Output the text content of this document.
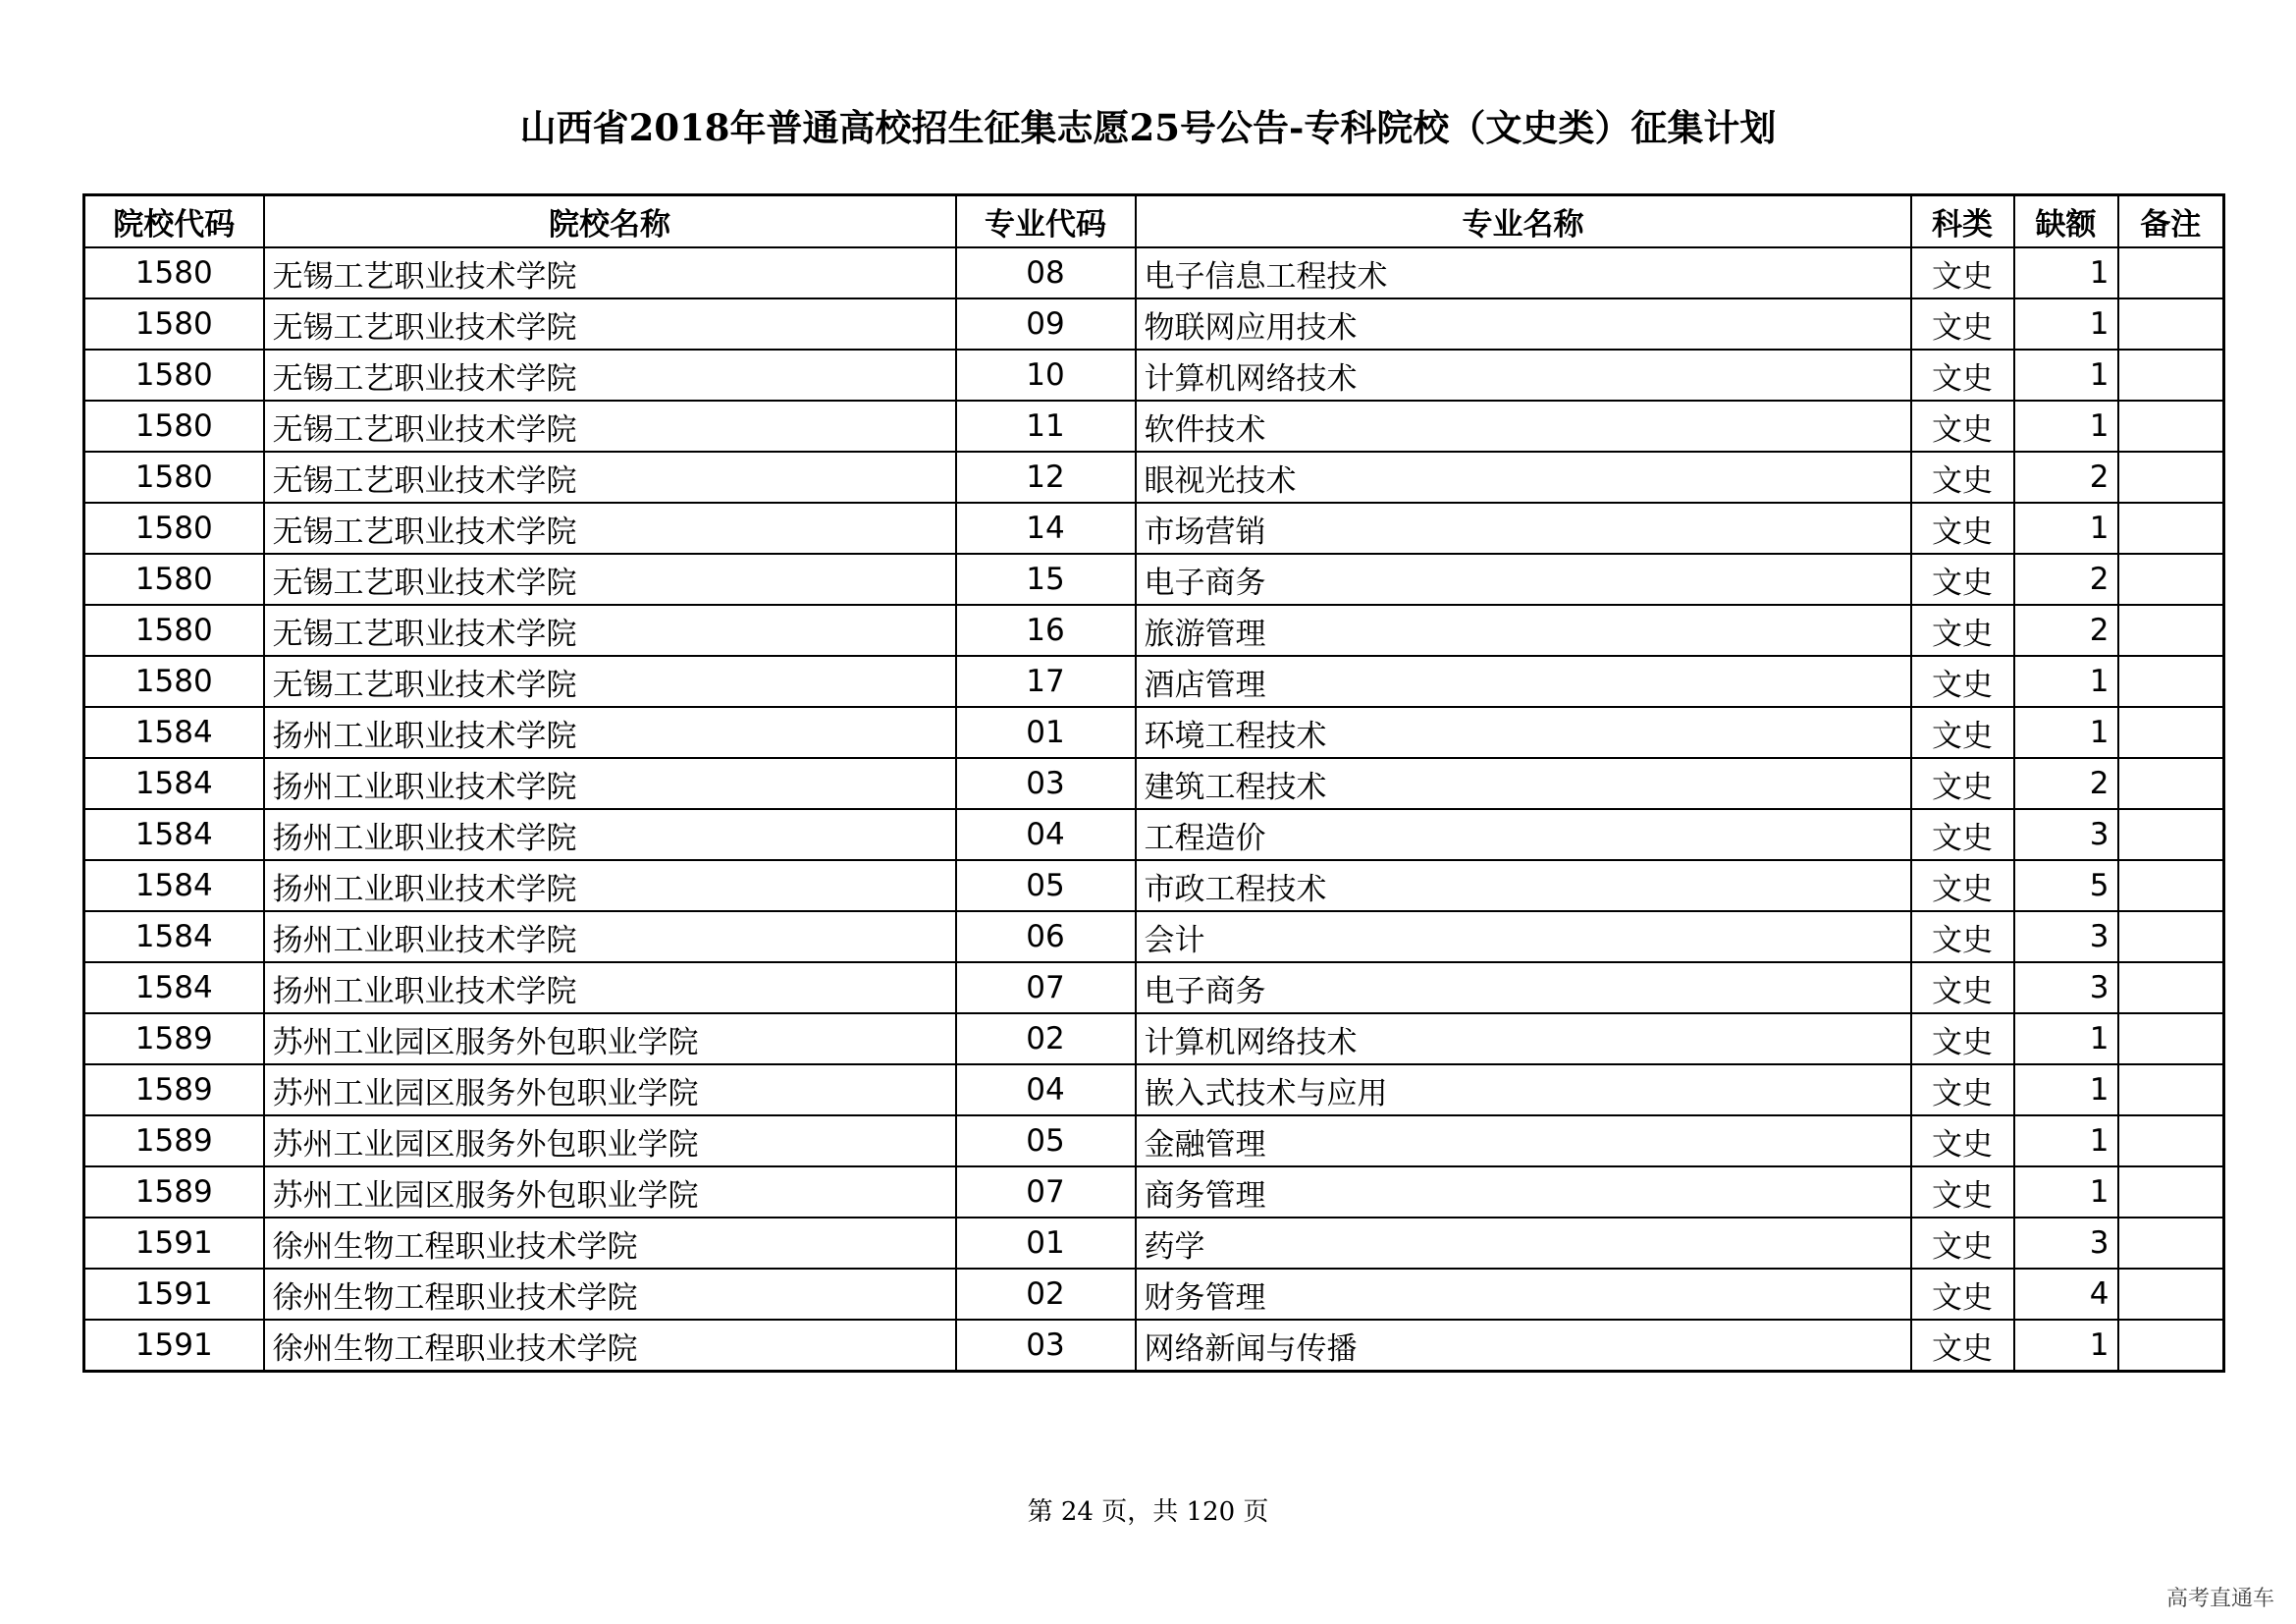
山西省2018年普通高校招生征集志愿25号公告-专科院校（文史类）征集计划
院校代码	院校名称	专业代码	专业名称	科类	缺额	备注
1580	无锡工艺职业技术学院	08	电子信息工程技术	文史	1	
1580	无锡工艺职业技术学院	09	物联网应用技术	文史	1	
1580	无锡工艺职业技术学院	10	计算机网络技术	文史	1	
1580	无锡工艺职业技术学院	11	软件技术	文史	1	
1580	无锡工艺职业技术学院	12	眼视光技术	文史	2	
1580	无锡工艺职业技术学院	14	市场营销	文史	1	
1580	无锡工艺职业技术学院	15	电子商务	文史	2	
1580	无锡工艺职业技术学院	16	旅游管理	文史	2	
1580	无锡工艺职业技术学院	17	酒店管理	文史	1	
1584	扬州工业职业技术学院	01	环境工程技术	文史	1	
1584	扬州工业职业技术学院	03	建筑工程技术	文史	2	
1584	扬州工业职业技术学院	04	工程造价	文史	3	
1584	扬州工业职业技术学院	05	市政工程技术	文史	5	
1584	扬州工业职业技术学院	06	会计	文史	3	
1584	扬州工业职业技术学院	07	电子商务	文史	3	
1589	苏州工业园区服务外包职业学院	02	计算机网络技术	文史	1	
1589	苏州工业园区服务外包职业学院	04	嵌入式技术与应用	文史	1	
1589	苏州工业园区服务外包职业学院	05	金融管理	文史	1	
1589	苏州工业园区服务外包职业学院	07	商务管理	文史	1	
1591	徐州生物工程职业技术学院	01	药学	文史	3	
1591	徐州生物工程职业技术学院	02	财务管理	文史	4	
1591	徐州生物工程职业技术学院	03	网络新闻与传播	文史	1	
第 24 页，共 120 页
高考直通车
